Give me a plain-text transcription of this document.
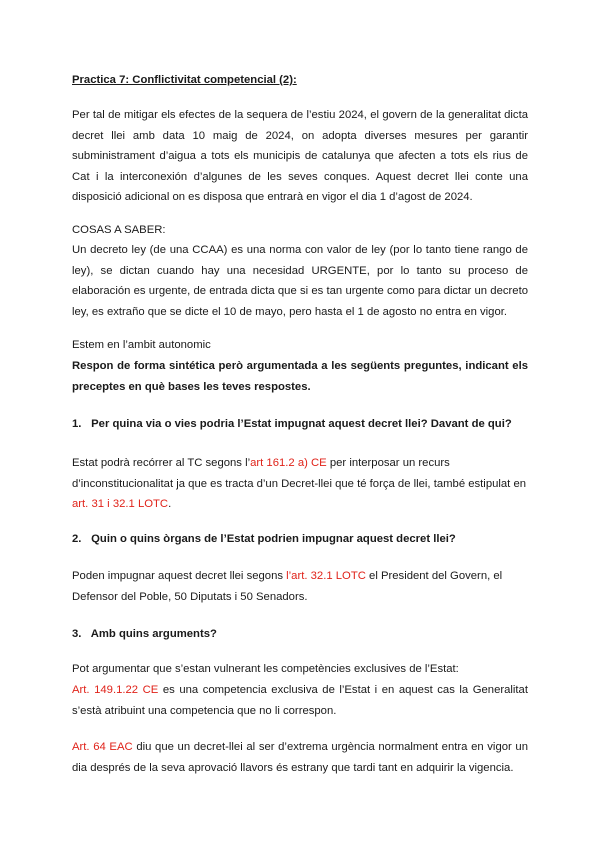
Practica 7: Conflictivitat competencial (2):

Per tal de mitigar els efectes de la sequera de l’estiu 2024, el govern de la generalitat dicta decret llei amb data 10 maig de 2024, on adopta diverses mesures per garantir subministrament d’aigua a tots els municipis de catalunya que afecten a tots els rius de Cat i la interconexión d’algunes de les seves conques. Aquest decret llei conte una disposició adicional on es disposa que entrarà en vigor el dia 1 d’agost de 2024.

COSAS A SABER:

Un decreto ley (de una CCAA) es una norma con valor de ley (por lo tanto tiene rango de ley), se dictan cuando hay una necesidad URGENTE, por lo tanto su proceso de elaboración es urgente, de entrada dicta que si es tan urgente como para dictar un decreto ley, es extraño que se dicte el 10 de mayo, pero hasta el 1 de agosto no entra en vigor.

Estem en l’ambit autonomic

Respon de forma sintética però argumentada a les següents preguntes, indicant els preceptes en què bases les teves respostes.

1. Per quina via o vies podria l’Estat impugnat aquest decret llei? Davant de qui?

Estat podrà recórrer al TC segons l’art 161.2 a) CE per interposar un recurs d’inconstitucionalitat ja que es tracta d’un Decret-llei que té força de llei, també estipulat en art. 31 i 32.1 LOTC.

2. Quin o quins òrgans de l’Estat podrien impugnar aquest decret llei?

Poden impugnar aquest decret llei segons l’art. 32.1 LOTC el President del Govern, el Defensor del Poble, 50 Diputats i 50 Senadors.

3. Amb quins arguments?

Pot argumentar que s’estan vulnerant les competències exclusives de l’Estat:

Art. 149.1.22 CE es una competencia exclusiva de l’Estat i en aquest cas la Generalitat s’està atribuint una competencia que no li correspon.

Art. 64 EAC diu que un decret-llei al ser d’extrema urgència normalment entra en vigor un dia després de la seva aprovació llavors és estrany que tardi tant en adquirir la vigencia.
